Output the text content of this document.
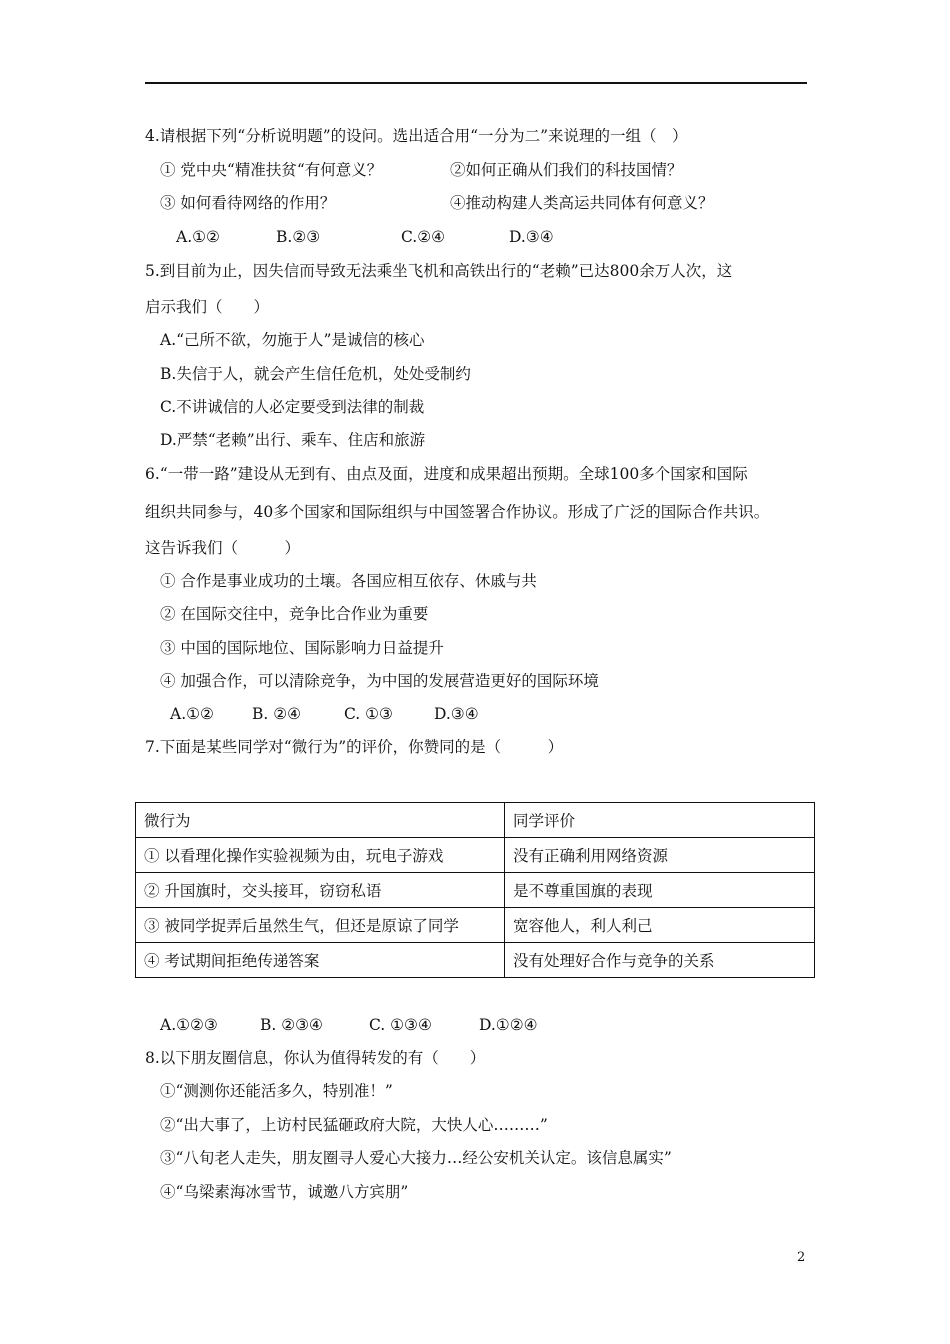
4.请根据下列“分析说明题”的设问。选出适合用“一分为二”来说理的一组（　）
① 党中央“精准扶贫“有何意义？	②如何正确从们我们的科技国情？
③ 如何看待网络的作用？	④推动构建人类高运共同体有何意义？
A.①②	B.②③	C.②④	D.③④
5.到目前为止，因失信而导致无法乘坐飞机和高铁出行的“老赖”已达800余万人次，这
启示我们（　　）
A.“己所不欲，勿施于人”是诚信的核心
B.失信于人，就会产生信任危机，处处受制约
C.不讲诚信的人必定要受到法律的制裁
D.严禁“老赖”出行、乘车、住店和旅游
6.“一带一路”建设从无到有、由点及面，进度和成果超出预期。全球100多个国家和国际
组织共同参与，40多个国家和国际组织与中国签署合作协议。形成了广泛的国际合作共识。
这告诉我们（　　　）
① 合作是事业成功的土壤。各国应相互依存、休戚与共
② 在国际交往中，竞争比合作业为重要
③ 中国的国际地位、国际影响力日益提升
④ 加强合作，可以清除竞争，为中国的发展营造更好的国际环境
A.①② B. ②④	C. ①③	D.③④
7.下面是某些同学对“微行为”的评价，你赞同的是（　　　）
微行为	同学评价
① 以看理化操作实验视频为由，玩电子游戏	没有正确利用网络资源
② 升国旗时，交头接耳，窃窃私语	是不尊重国旗的表现
③ 被同学捉弄后虽然生气，但还是原谅了同学	宽容他人，利人利己
④ 考试期间拒绝传递答案	没有处理好合作与竞争的关系
A.①②③	B. ②③④	C. ①③④	D.①②④
8.以下朋友圈信息，你认为值得转发的有（　　）
①“测测你还能活多久，特别准！”
②“出大事了，上访村民猛砸政府大院，大快人心………”
③“八旬老人走失，朋友圈寻人爱心大接力…经公安机关认定。该信息属实”
④“乌梁素海冰雪节，诚邀八方宾朋”
2
